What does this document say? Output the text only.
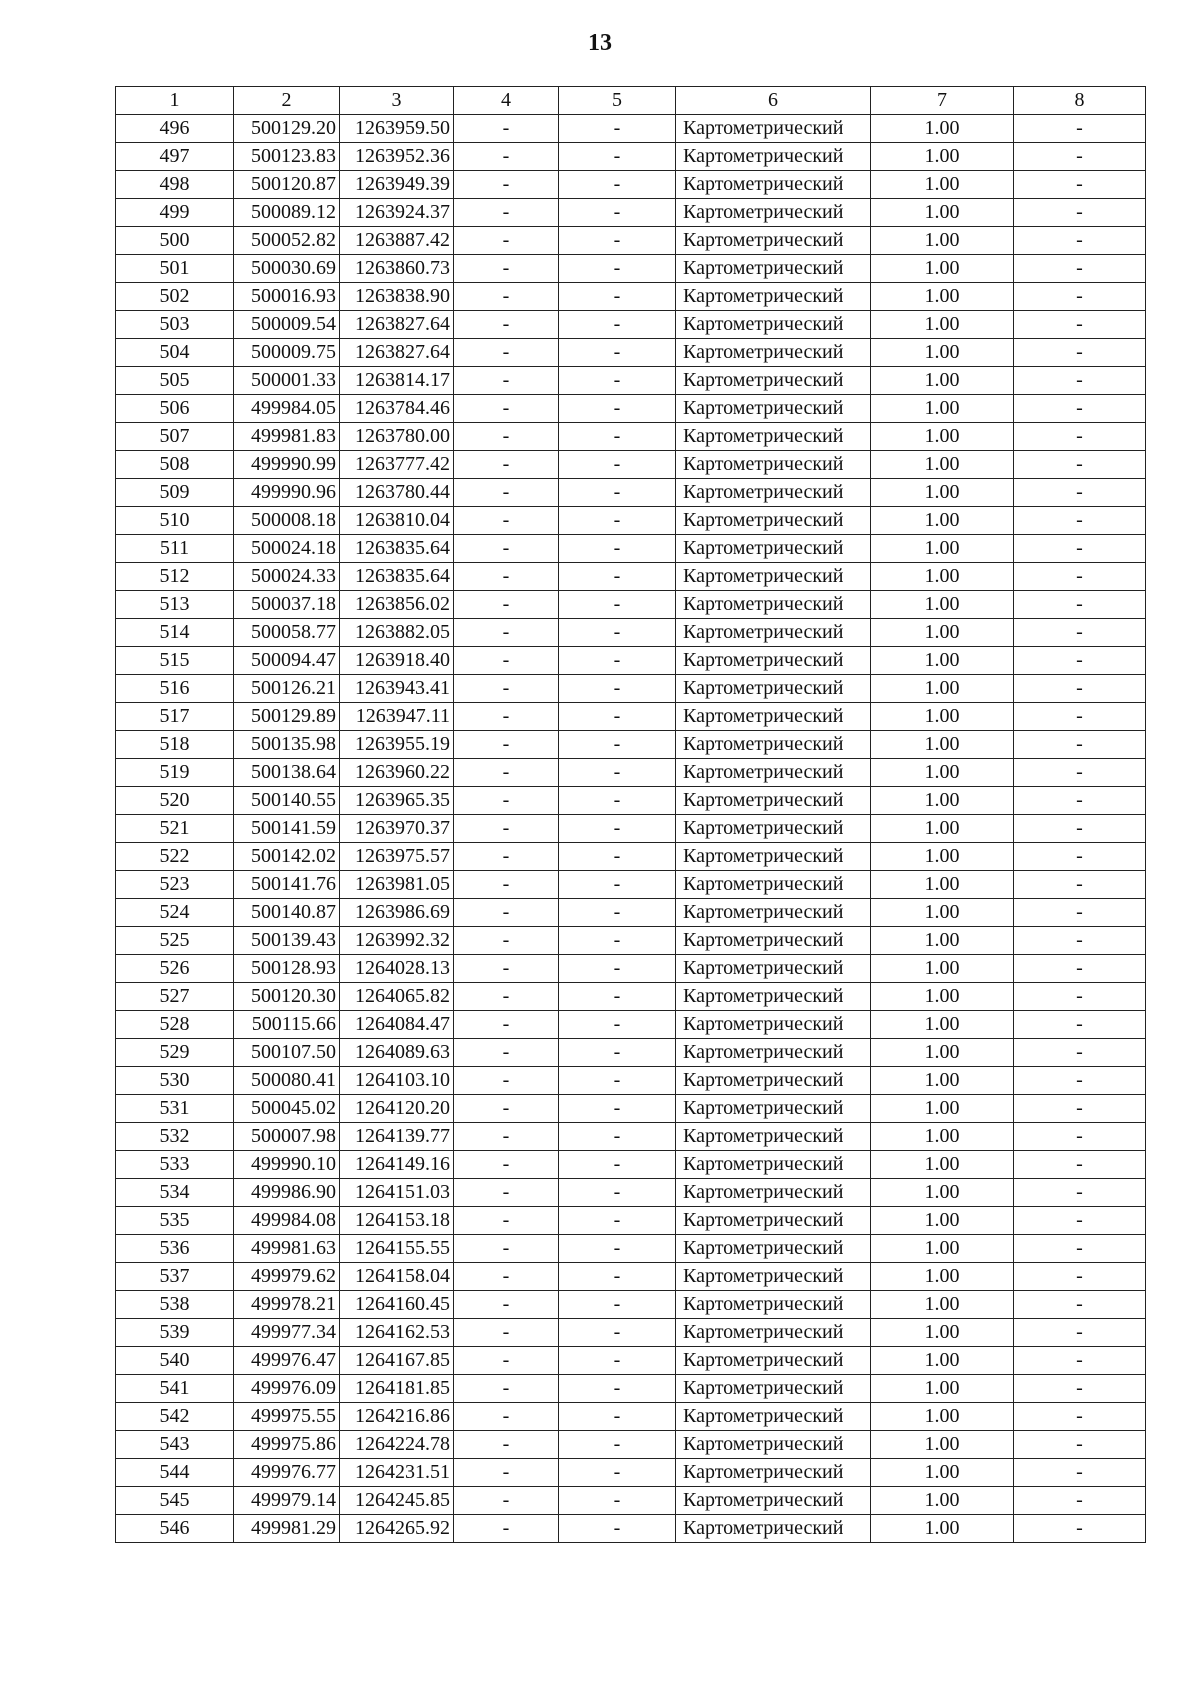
13
1	2	3	4	5	6	7	8
496	500129.20	1263959.50	-	-	Картометрический	1.00	-
497	500123.83	1263952.36	-	-	Картометрический	1.00	-
498	500120.87	1263949.39	-	-	Картометрический	1.00	-
499	500089.12	1263924.37	-	-	Картометрический	1.00	-
500	500052.82	1263887.42	-	-	Картометрический	1.00	-
501	500030.69	1263860.73	-	-	Картометрический	1.00	-
502	500016.93	1263838.90	-	-	Картометрический	1.00	-
503	500009.54	1263827.64	-	-	Картометрический	1.00	-
504	500009.75	1263827.64	-	-	Картометрический	1.00	-
505	500001.33	1263814.17	-	-	Картометрический	1.00	-
506	499984.05	1263784.46	-	-	Картометрический	1.00	-
507	499981.83	1263780.00	-	-	Картометрический	1.00	-
508	499990.99	1263777.42	-	-	Картометрический	1.00	-
509	499990.96	1263780.44	-	-	Картометрический	1.00	-
510	500008.18	1263810.04	-	-	Картометрический	1.00	-
511	500024.18	1263835.64	-	-	Картометрический	1.00	-
512	500024.33	1263835.64	-	-	Картометрический	1.00	-
513	500037.18	1263856.02	-	-	Картометрический	1.00	-
514	500058.77	1263882.05	-	-	Картометрический	1.00	-
515	500094.47	1263918.40	-	-	Картометрический	1.00	-
516	500126.21	1263943.41	-	-	Картометрический	1.00	-
517	500129.89	1263947.11	-	-	Картометрический	1.00	-
518	500135.98	1263955.19	-	-	Картометрический	1.00	-
519	500138.64	1263960.22	-	-	Картометрический	1.00	-
520	500140.55	1263965.35	-	-	Картометрический	1.00	-
521	500141.59	1263970.37	-	-	Картометрический	1.00	-
522	500142.02	1263975.57	-	-	Картометрический	1.00	-
523	500141.76	1263981.05	-	-	Картометрический	1.00	-
524	500140.87	1263986.69	-	-	Картометрический	1.00	-
525	500139.43	1263992.32	-	-	Картометрический	1.00	-
526	500128.93	1264028.13	-	-	Картометрический	1.00	-
527	500120.30	1264065.82	-	-	Картометрический	1.00	-
528	500115.66	1264084.47	-	-	Картометрический	1.00	-
529	500107.50	1264089.63	-	-	Картометрический	1.00	-
530	500080.41	1264103.10	-	-	Картометрический	1.00	-
531	500045.02	1264120.20	-	-	Картометрический	1.00	-
532	500007.98	1264139.77	-	-	Картометрический	1.00	-
533	499990.10	1264149.16	-	-	Картометрический	1.00	-
534	499986.90	1264151.03	-	-	Картометрический	1.00	-
535	499984.08	1264153.18	-	-	Картометрический	1.00	-
536	499981.63	1264155.55	-	-	Картометрический	1.00	-
537	499979.62	1264158.04	-	-	Картометрический	1.00	-
538	499978.21	1264160.45	-	-	Картометрический	1.00	-
539	499977.34	1264162.53	-	-	Картометрический	1.00	-
540	499976.47	1264167.85	-	-	Картометрический	1.00	-
541	499976.09	1264181.85	-	-	Картометрический	1.00	-
542	499975.55	1264216.86	-	-	Картометрический	1.00	-
543	499975.86	1264224.78	-	-	Картометрический	1.00	-
544	499976.77	1264231.51	-	-	Картометрический	1.00	-
545	499979.14	1264245.85	-	-	Картометрический	1.00	-
546	499981.29	1264265.92	-	-	Картометрический	1.00	-
